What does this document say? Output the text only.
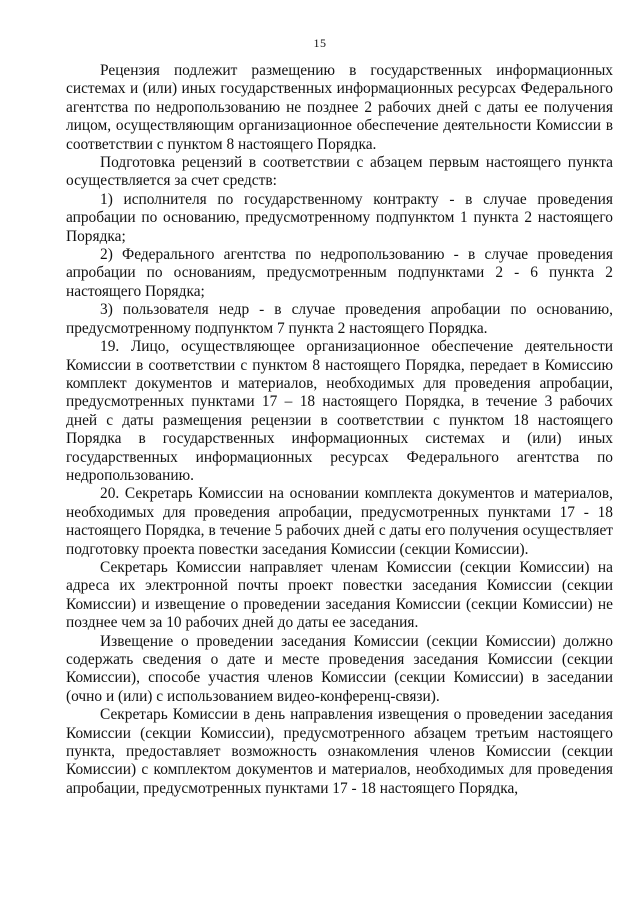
15

Рецензия подлежит размещению в государственных информационных системах и (или) иных государственных информационных ресурсах Федерального агентства по недропользованию не позднее 2 рабочих дней с даты ее получения лицом, осуществляющим организационное обеспечение деятельности Комиссии в соответствии с пунктом 8 настоящего Порядка.

Подготовка рецензий в соответствии с абзацем первым настоящего пункта осуществляется за счет средств:

1) исполнителя по государственному контракту - в случае проведения апробации по основанию, предусмотренному подпунктом 1 пункта 2 настоящего Порядка;

2) Федерального агентства по недропользованию - в случае проведения апробации по основаниям, предусмотренным подпунктами 2 - 6 пункта 2 настоящего Порядка;

3) пользователя недр - в случае проведения апробации по основанию, предусмотренному подпунктом 7 пункта 2 настоящего Порядка.

19. Лицо, осуществляющее организационное обеспечение деятельности Комиссии в соответствии с пунктом 8 настоящего Порядка, передает в Комиссию комплект документов и материалов, необходимых для проведения апробации, предусмотренных пунктами 17 – 18 настоящего Порядка, в течение 3 рабочих дней с даты размещения рецензии в соответствии с пунктом 18 настоящего Порядка в государственных информационных системах и (или) иных государственных информационных ресурсах Федерального агентства по недропользованию.

20. Секретарь Комиссии на основании комплекта документов и материалов, необходимых для проведения апробации, предусмотренных пунктами 17 - 18 настоящего Порядка, в течение 5 рабочих дней с даты его получения осуществляет подготовку проекта повестки заседания Комиссии (секции Комиссии).

Секретарь Комиссии направляет членам Комиссии (секции Комиссии) на адреса их электронной почты проект повестки заседания Комиссии (секции Комиссии) и извещение о проведении заседания Комиссии (секции Комиссии) не позднее чем за 10 рабочих дней до даты ее заседания.

Извещение о проведении заседания Комиссии (секции Комиссии) должно содержать сведения о дате и месте проведения заседания Комиссии (секции Комиссии), способе участия членов Комиссии (секции Комиссии) в заседании (очно и (или) с использованием видео-конференц-связи).

Секретарь Комиссии в день направления извещения о проведении заседания Комиссии (секции Комиссии), предусмотренного абзацем третьим настоящего пункта, предоставляет возможность ознакомления членов Комиссии (секции Комиссии) с комплектом документов и материалов, необходимых для проведения апробации, предусмотренных пунктами 17 - 18 настоящего Порядка,
